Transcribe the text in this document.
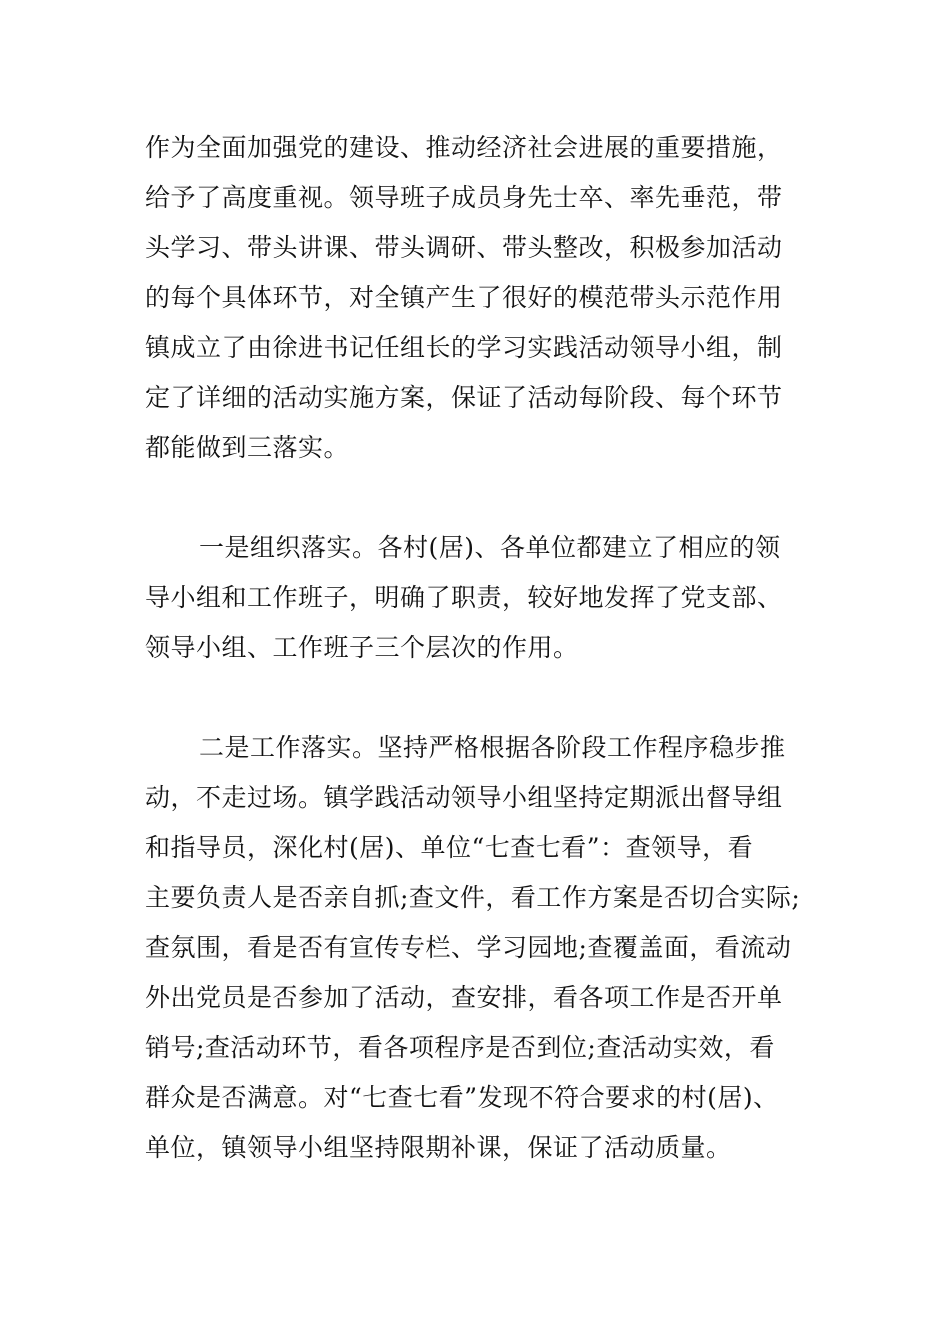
作为全面加强党的建设、推动经济社会进展的重要措施，
给予了高度重视。领导班子成员身先士卒、率先垂范，带
头学习、带头讲课、带头调研、带头整改，积极参加活动
的每个具体环节，对全镇产生了很好的模范带头示范作用
镇成立了由徐进书记任组长的学习实践活动领导小组，制
定了详细的活动实施方案，保证了活动每阶段、每个环节
都能做到三落实。
一是组织落实。各村(居)、各单位都建立了相应的领
导小组和工作班子，明确了职责，较好地发挥了党支部、
领导小组、工作班子三个层次的作用。
二是工作落实。坚持严格根据各阶段工作程序稳步推
动，不走过场。镇学践活动领导小组坚持定期派出督导组
和指导员，深化村(居)、单位“七查七看”：查领导，看
主要负责人是否亲自抓;查文件，看工作方案是否切合实际;
查氛围，看是否有宣传专栏、学习园地;查覆盖面，看流动
外出党员是否参加了活动，查安排，看各项工作是否开单
销号;查活动环节，看各项程序是否到位;查活动实效，看
群众是否满意。对“七查七看”发现不符合要求的村(居)、
单位，镇领导小组坚持限期补课，保证了活动质量。
